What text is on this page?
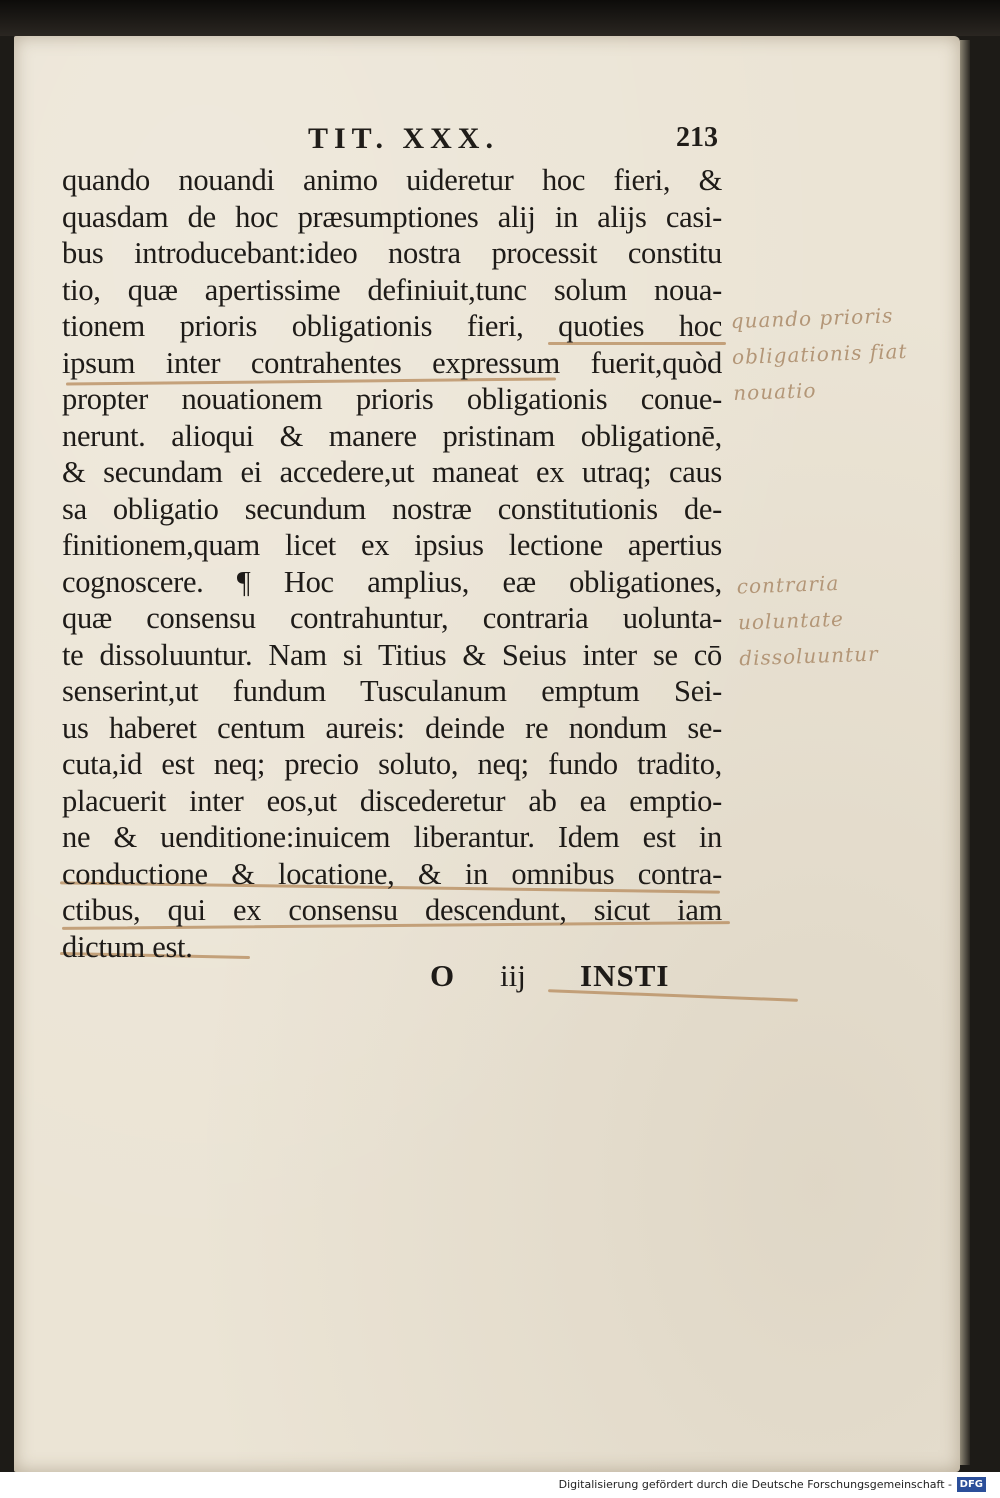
TIT. XXX.	213
quando nouandi animo uideretur hoc fieri, &
quasdam de hoc præsumptiones alij in alijs casi-
bus introducebant:ideo nostra processit constitu
tio, quæ apertissime definiuit,tunc solum noua-
tionem prioris obligationis fieri, quoties hoc
ipsum inter contrahentes expressum fuerit,quòd
propter nouationem prioris obligationis conue-
nerunt. alioqui & manere pristinam obligationē,
& secundam ei accedere,ut maneat ex utraq; caus
sa obligatio secundum nostræ constitutionis de-
finitionem,quam licet ex ipsius lectione apertius
cognoscere. ¶ Hoc amplius, eæ obligationes,
quæ consensu contrahuntur, contraria uolunta-
te dissoluuntur. Nam si Titius & Seius inter se cō
senserint,ut fundum Tusculanum emptum Sei-
us haberet centum aureis: deinde re nondum se-
cuta,id est neq; precio soluto, neq; fundo tradito,
placuerit inter eos,ut discederetur ab ea emptio-
ne & uenditione:inuicem liberantur. Idem est in
conductione & locatione, & in omnibus contra-
ctibus, qui ex consensu descendunt, sicut iam
dictum est.
O iij INSTI
quando prioris
obligationis fiat
nouatio
contraria
uoluntate
dissoluuntur
Digitalisierung gefördert durch die Deutsche Forschungsgemeinschaft - DFG
